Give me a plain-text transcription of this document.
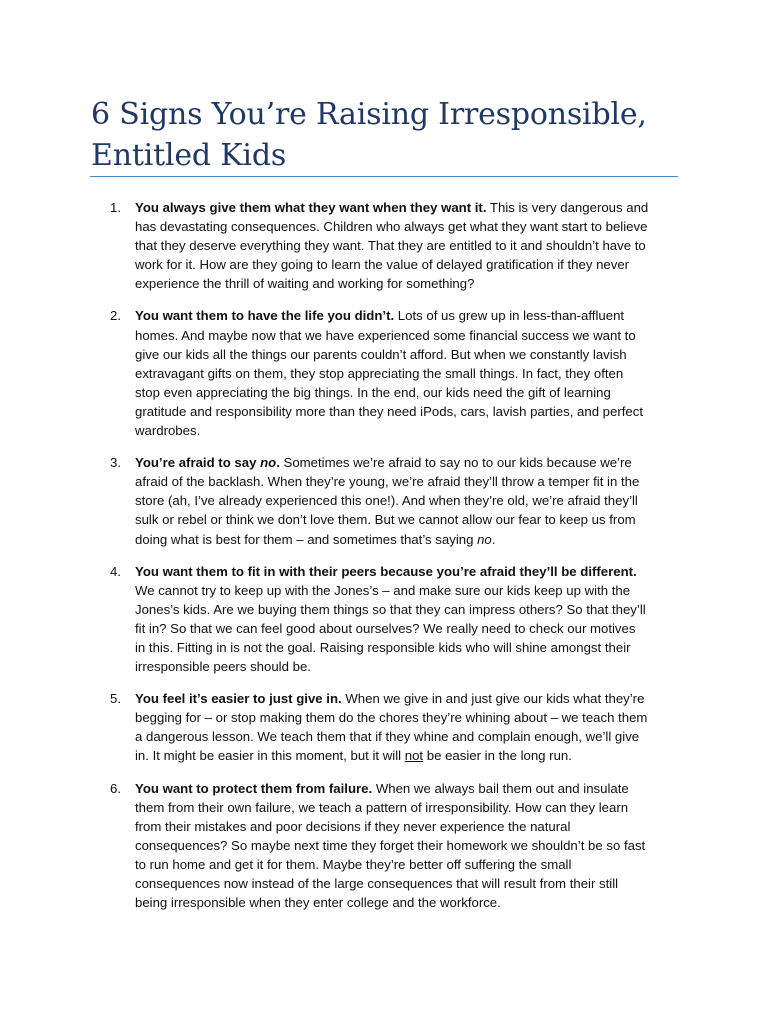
6 Signs You’re Raising Irresponsible, Entitled Kids
1. You always give them what they want when they want it. This is very dangerous and has devastating consequences. Children who always get what they want start to believe that they deserve everything they want. That they are entitled to it and shouldn’t have to work for it. How are they going to learn the value of delayed gratification if they never experience the thrill of waiting and working for something?
2. You want them to have the life you didn’t. Lots of us grew up in less-than-affluent homes. And maybe now that we have experienced some financial success we want to give our kids all the things our parents couldn’t afford. But when we constantly lavish extravagant gifts on them, they stop appreciating the small things. In fact, they often stop even appreciating the big things. In the end, our kids need the gift of learning gratitude and responsibility more than they need iPods, cars, lavish parties, and perfect wardrobes.
3. You’re afraid to say no. Sometimes we’re afraid to say no to our kids because we’re afraid of the backlash. When they’re young, we’re afraid they’ll throw a temper fit in the store (ah, I’ve already experienced this one!). And when they’re old, we’re afraid they’ll sulk or rebel or think we don’t love them. But we cannot allow our fear to keep us from doing what is best for them – and sometimes that’s saying no.
4. You want them to fit in with their peers because you’re afraid they’ll be different. We cannot try to keep up with the Jones’s – and make sure our kids keep up with the Jones’s kids. Are we buying them things so that they can impress others? So that they’ll fit in? So that we can feel good about ourselves? We really need to check our motives in this. Fitting in is not the goal. Raising responsible kids who will shine amongst their irresponsible peers should be.
5. You feel it’s easier to just give in. When we give in and just give our kids what they’re begging for – or stop making them do the chores they’re whining about – we teach them a dangerous lesson. We teach them that if they whine and complain enough, we’ll give in. It might be easier in this moment, but it will not be easier in the long run.
6. You want to protect them from failure. When we always bail them out and insulate them from their own failure, we teach a pattern of irresponsibility. How can they learn from their mistakes and poor decisions if they never experience the natural consequences? So maybe next time they forget their homework we shouldn’t be so fast to run home and get it for them. Maybe they’re better off suffering the small consequences now instead of the large consequences that will result from their still being irresponsible when they enter college and the workforce.
